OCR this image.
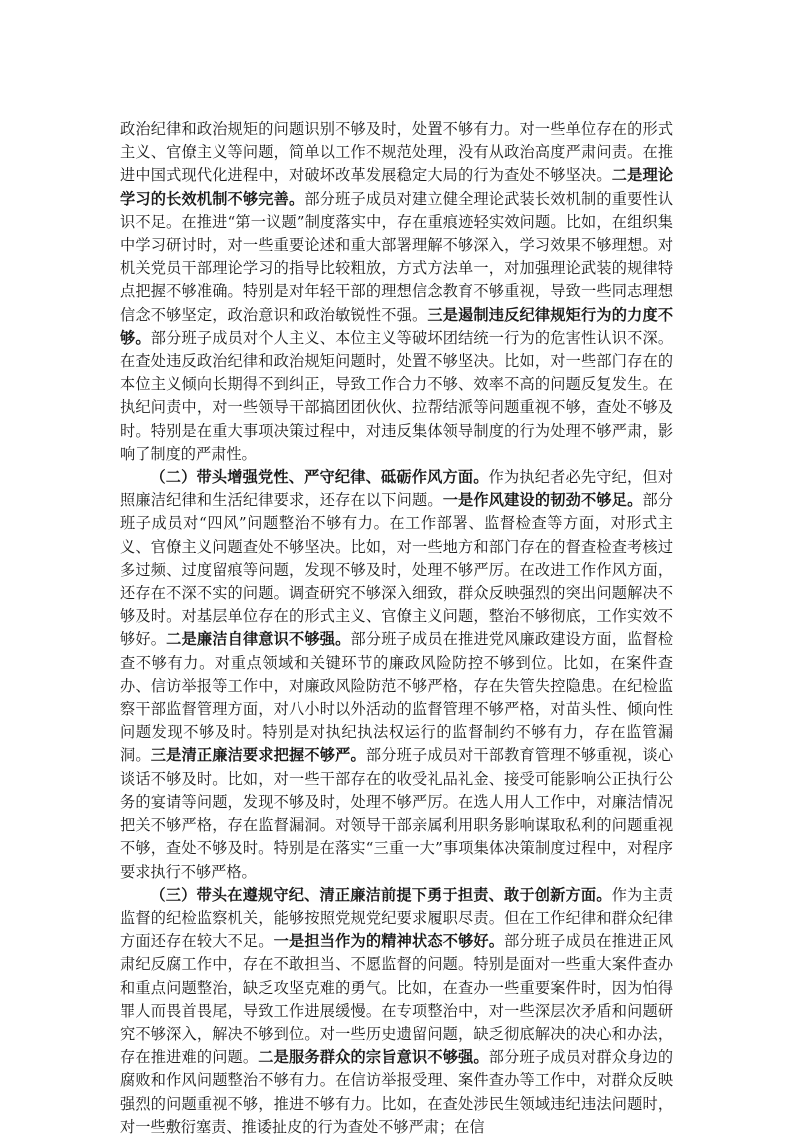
政治纪律和政治规矩的问题识别不够及时，处置不够有力。对一些单位存在的形式主义、官僚主义等问题，简单以工作不规范处理，没有从政治高度严肃问责。在推进中国式现代化进程中，对破坏改革发展稳定大局的行为查处不够坚决。二是理论学习的长效机制不够完善。部分班子成员对建立健全理论武装长效机制的重要性认识不足。在推进“第一议题”制度落实中，存在重痕迹轻实效问题。比如，在组织集中学习研讨时，对一些重要论述和重大部署理解不够深入，学习效果不够理想。对机关党员干部理论学习的指导比较粗放，方式方法单一，对加强理论武装的规律特点把握不够准确。特别是对年轻干部的理想信念教育不够重视，导致一些同志理想信念不够坚定，政治意识和政治敏锐性不强。三是遏制违反纪律规矩行为的力度不够。部分班子成员对个人主义、本位主义等破坏团结统一行为的危害性认识不深。在查处违反政治纪律和政治规矩问题时，处置不够坚决。比如，对一些部门存在的本位主义倾向长期得不到纠正，导致工作合力不够、效率不高的问题反复发生。在执纪问责中，对一些领导干部搞团团伙伙、拉帮结派等问题重视不够，查处不够及时。特别是在重大事项决策过程中，对违反集体领导制度的行为处理不够严肃，影响了制度的严肃性。

（二）带头增强党性、严守纪律、砥砺作风方面。作为执纪者必先守纪，但对照廉洁纪律和生活纪律要求，还存在以下问题。一是作风建设的韧劲不够足。部分班子成员对“四风”问题整治不够有力。在工作部署、监督检查等方面，对形式主义、官僚主义问题查处不够坚决。比如，对一些地方和部门存在的督查检查考核过多过频、过度留痕等问题，发现不够及时，处理不够严厉。在改进工作作风方面，还存在不深不实的问题。调查研究不够深入细致，群众反映强烈的突出问题解决不够及时。对基层单位存在的形式主义、官僚主义问题，整治不够彻底，工作实效不够好。二是廉洁自律意识不够强。部分班子成员在推进党风廉政建设方面，监督检查不够有力。对重点领域和关键环节的廉政风险防控不够到位。比如，在案件查办、信访举报等工作中，对廉政风险防范不够严格，存在失管失控隐患。在纪检监察干部监督管理方面，对八小时以外活动的监督管理不够严格，对苗头性、倾向性问题发现不够及时。特别是对执纪执法权运行的监督制约不够有力，存在监管漏洞。三是清正廉洁要求把握不够严。部分班子成员对干部教育管理不够重视，谈心谈话不够及时。比如，对一些干部存在的收受礼品礼金、接受可能影响公正执行公务的宴请等问题，发现不够及时，处理不够严厉。在选人用人工作中，对廉洁情况把关不够严格，存在监督漏洞。对领导干部亲属利用职务影响谋取私利的问题重视不够，查处不够及时。特别是在落实“三重一大”事项集体决策制度过程中，对程序要求执行不够严格。

（三）带头在遵规守纪、清正廉洁前提下勇于担责、敢于创新方面。作为主责监督的纪检监察机关，能够按照党规党纪要求履职尽责。但在工作纪律和群众纪律方面还存在较大不足。一是担当作为的精神状态不够好。部分班子成员在推进正风肃纪反腐工作中，存在不敢担当、不愿监督的问题。特别是面对一些重大案件查办和重点问题整治，缺乏攻坚克难的勇气。比如，在查办一些重要案件时，因为怕得罪人而畏首畏尾，导致工作进展缓慢。在专项整治中，对一些深层次矛盾和问题研究不够深入，解决不够到位。对一些历史遗留问题，缺乏彻底解决的决心和办法，存在推进难的问题。二是服务群众的宗旨意识不够强。部分班子成员对群众身边的腐败和作风问题整治不够有力。在信访举报受理、案件查办等工作中，对群众反映强烈的问题重视不够，推进不够有力。比如，在查处涉民生领域违纪违法问题时，对一些敷衍塞责、推诿扯皮的行为查处不够严肃；在信
